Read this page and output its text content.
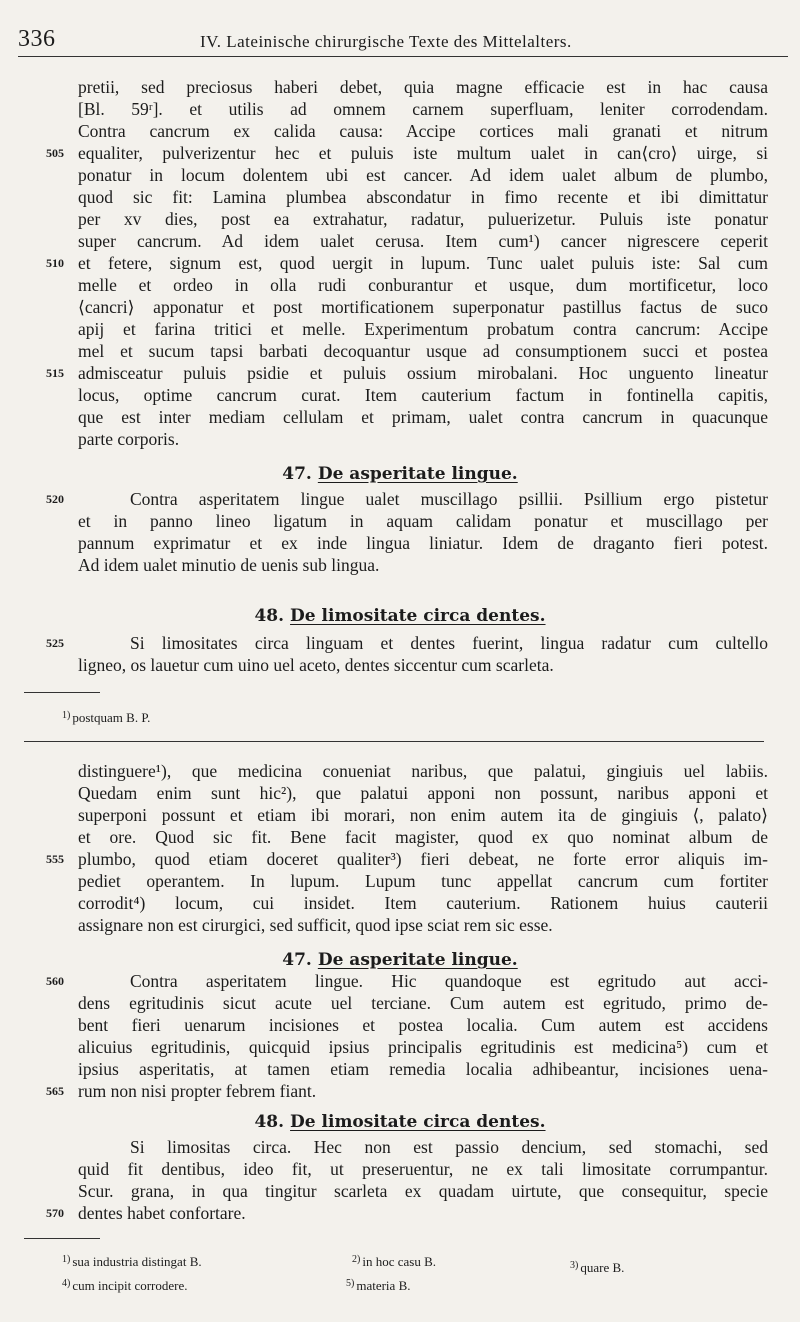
336	IV. Lateinische chirurgische Texte des Mittelalters.
pretii, sed preciosus haberi debet, quia magne efficacie est in hac causa
[Bl. 59ʳ]. et utilis ad omnem carnem superfluam, leniter corrodendam.
Contra cancrum ex calida causa: Accipe cortices mali granati et nitrum
equaliter, pulverizentur hec et puluis iste multum ualet in can⟨cro⟩ uirge, si
505
ponatur in locum dolentem ubi est cancer. Ad idem ualet album de plumbo,
quod sic fit: Lamina plumbea abscondatur in fimo recente et ibi dimittatur
per xv dies, post ea extrahatur, radatur, puluerizetur. Puluis iste ponatur
super cancrum. Ad idem ualet cerusa. Item cum¹) cancer nigrescere ceperit
et fetere, signum est, quod uergit in lupum. Tunc ualet puluis iste: Sal cum
510
melle et ordeo in olla rudi conburantur et usque, dum mortificetur, loco
⟨cancri⟩ apponatur et post mortificationem superponatur pastillus factus de suco
apij et farina tritici et melle. Experimentum probatum contra cancrum: Accipe
mel et sucum tapsi barbati decoquantur usque ad consumptionem succi et postea
admisceatur puluis psidie et puluis ossium mirobalani. Hoc unguento lineatur
515
locus, optime cancrum curat. Item cauterium factum in fontinella capitis,
que est inter mediam cellulam et primam, ualet contra cancrum in quacunque
parte corporis.
47. De asperitate lingue.
Contra asperitatem lingue ualet muscillago psillii. Psillium ergo pistetur
520
et in panno lineo ligatum in aquam calidam ponatur et muscillago per
pannum exprimatur et ex inde lingua liniatur. Idem de draganto fieri potest.
Ad idem ualet minutio de uenis sub lingua.
48. De limositate circa dentes.
Si limositates circa linguam et dentes fuerint, lingua radatur cum cultello
525
ligneo, os lauetur cum uino uel aceto, dentes siccentur cum scarleta.
$^{1)}$ postquam B. P.
distinguere¹), que medicina conueniat naribus, que palatui, gingiuis uel labiis.
Quedam enim sunt hic²), que palatui apponi non possunt, naribus apponi et
superponi possunt et etiam ibi morari, non enim autem ita de gingiuis ⟨, palato⟩
et ore. Quod sic fit. Bene facit magister, quod ex quo nominat album de
plumbo, quod etiam doceret qualiter³) fieri debeat, ne forte error aliquis im-
555
pediet operantem. In lupum. Lupum tunc appellat cancrum cum fortiter
corrodit⁴) locum, cui insidet. Item cauterium. Rationem huius cauterii
assignare non est cirurgici, sed sufficit, quod ipse sciat rem sic esse.
47. De asperitate lingue.
Contra asperitatem lingue. Hic quandoque est egritudo aut acci-
560
dens egritudinis sicut acute uel terciane. Cum autem est egritudo, primo de-
bent fieri uenarum incisiones et postea localia. Cum autem est accidens
alicuius egritudinis, quicquid ipsius principalis egritudinis est medicina⁵) cum et
ipsius asperitatis, at tamen etiam remedia localia adhibeantur, incisiones uena-
rum non nisi propter febrem fiant.
565
48. De limositate circa dentes.
Si limositas circa. Hec non est passio dencium, sed stomachi, sed
quid fit dentibus, ideo fit, ut preseruentur, ne ex tali limositate corrumpantur.
Scur. grana, in qua tingitur scarleta ex quadam uirtute, que consequitur, specie
dentes habet confortare.
570
$^{1)}$ sua industria distingat B.	$^{2)}$ in hoc casu B.	$^{3)}$ quare B.
$^{4)}$ cum incipit corrodere.	$^{5)}$ materia B.
